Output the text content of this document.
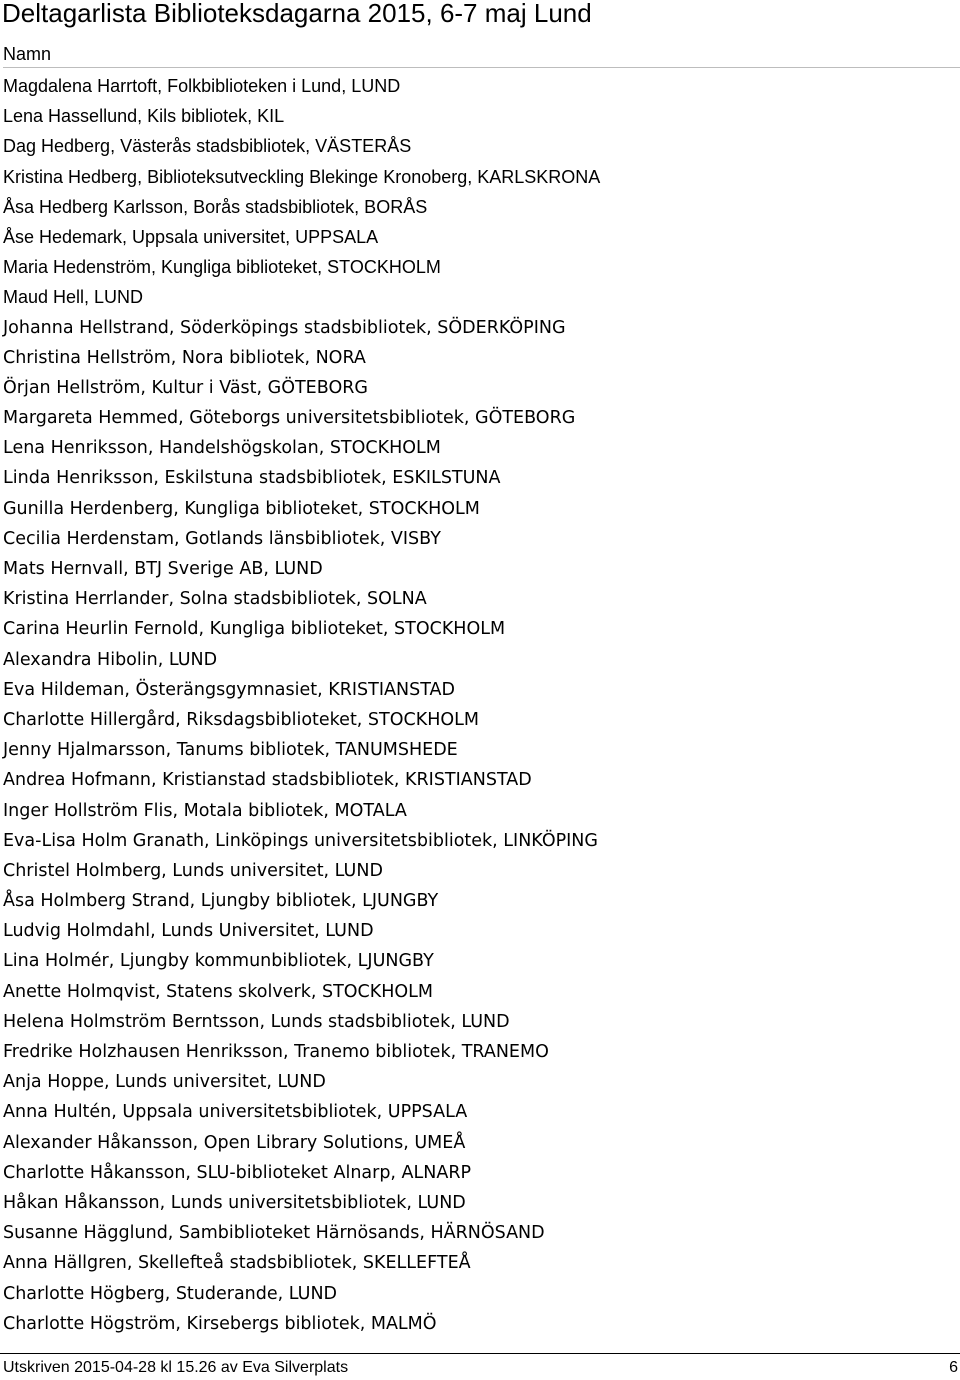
Deltagarlista Biblioteksdagarna 2015, 6-7 maj Lund
Namn
Magdalena Harrtoft, Folkbiblioteken i Lund, LUND
Lena Hassellund, Kils bibliotek, KIL
Dag Hedberg, Västerås stadsbibliotek, VÄSTERÅS
Kristina Hedberg, Biblioteksutveckling Blekinge Kronoberg, KARLSKRONA
Åsa Hedberg Karlsson, Borås stadsbibliotek, BORÅS
Åse Hedemark, Uppsala universitet, UPPSALA
Maria Hedenström, Kungliga biblioteket, STOCKHOLM
Maud Hell, LUND
Johanna Hellstrand, Söderköpings stadsbibliotek, SÖDERKÖPING
Christina Hellström, Nora bibliotek, NORA
Örjan Hellström, Kultur i Väst, GÖTEBORG
Margareta Hemmed, Göteborgs universitetsbibliotek, GÖTEBORG
Lena Henriksson, Handelshögskolan, STOCKHOLM
Linda Henriksson, Eskilstuna stadsbibliotek, ESKILSTUNA
Gunilla Herdenberg, Kungliga biblioteket, STOCKHOLM
Cecilia Herdenstam, Gotlands länsbibliotek, VISBY
Mats Hernvall, BTJ Sverige AB, LUND
Kristina Herrlander, Solna stadsbibliotek, SOLNA
Carina Heurlin Fernold, Kungliga biblioteket, STOCKHOLM
Alexandra Hibolin, LUND
Eva Hildeman, Österängsgymnasiet, KRISTIANSTAD
Charlotte Hillergård, Riksdagsbiblioteket, STOCKHOLM
Jenny Hjalmarsson, Tanums bibliotek, TANUMSHEDE
Andrea Hofmann, Kristianstad stadsbibliotek, KRISTIANSTAD
Inger Hollström Flis, Motala bibliotek, MOTALA
Eva-Lisa Holm Granath, Linköpings universitetsbibliotek, LINKÖPING
Christel Holmberg, Lunds universitet, LUND
Åsa Holmberg Strand, Ljungby bibliotek, LJUNGBY
Ludvig Holmdahl, Lunds Universitet, LUND
Lina Holmér, Ljungby kommunbibliotek, LJUNGBY
Anette Holmqvist, Statens skolverk, STOCKHOLM
Helena Holmström Berntsson, Lunds stadsbibliotek, LUND
Fredrike Holzhausen Henriksson, Tranemo bibliotek, TRANEMO
Anja Hoppe, Lunds universitet, LUND
Anna Hultén, Uppsala universitetsbibliotek, UPPSALA
Alexander Håkansson, Open Library Solutions, UMEÅ
Charlotte Håkansson, SLU-biblioteket Alnarp, ALNARP
Håkan Håkansson, Lunds universitetsbibliotek, LUND
Susanne Hägglund, Sambiblioteket Härnösands, HÄRNÖSAND
Anna Hällgren, Skellefteå stadsbibliotek, SKELLEFTEÅ
Charlotte Högberg, Studerande, LUND
Charlotte Högström, Kirsebergs bibliotek, MALMÖ
Utskriven 2015-04-28 kl 15.26 av Eva Silverplats	6
